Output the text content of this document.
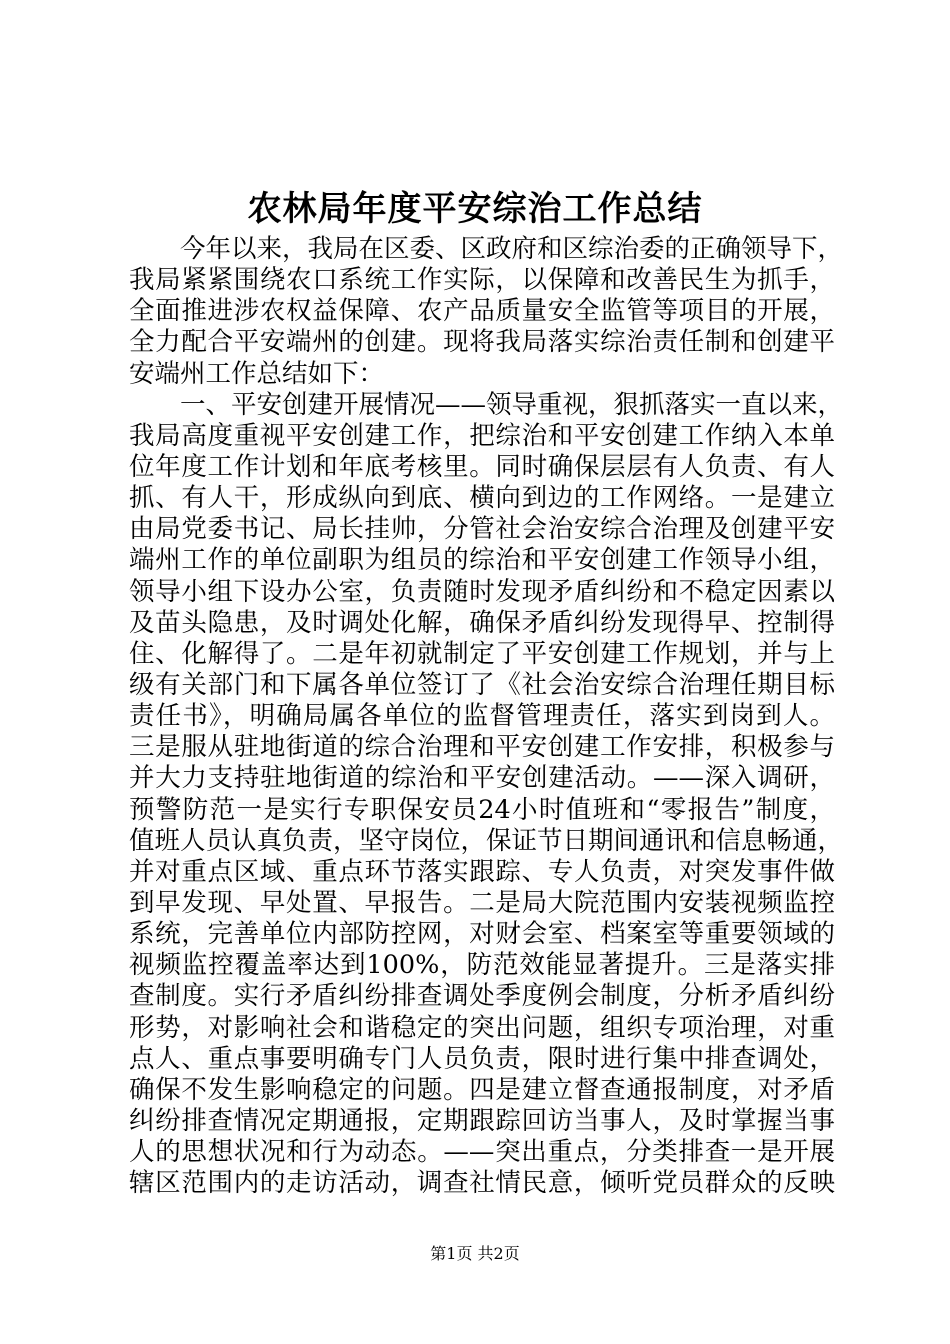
农林局年度平安综治工作总结
　　今年以来，我局在区委、区政府和区综治委的正确领导下，
我局紧紧围绕农口系统工作实际，以保障和改善民生为抓手，
全面推进涉农权益保障、农产品质量安全监管等项目的开展，
全力配合平安端州的创建。现将我局落实综治责任制和创建平
安端州工作总结如下：
　　一、平安创建开展情况——领导重视，狠抓落实一直以来，
我局高度重视平安创建工作，把综治和平安创建工作纳入本单
位年度工作计划和年底考核里。同时确保层层有人负责、有人
抓、有人干，形成纵向到底、横向到边的工作网络。一是建立
由局党委书记、局长挂帅，分管社会治安综合治理及创建平安
端州工作的单位副职为组员的综治和平安创建工作领导小组，
领导小组下设办公室，负责随时发现矛盾纠纷和不稳定因素以
及苗头隐患，及时调处化解，确保矛盾纠纷发现得早、控制得
住、化解得了。二是年初就制定了平安创建工作规划，并与上
级有关部门和下属各单位签订了《社会治安综合治理任期目标
责任书》，明确局属各单位的监督管理责任，落实到岗到人。
三是服从驻地街道的综合治理和平安创建工作安排，积极参与
并大力支持驻地街道的综治和平安创建活动。——深入调研，
预警防范一是实行专职保安员24小时值班和“零报告”制度，
值班人员认真负责，坚守岗位，保证节日期间通讯和信息畅通，
并对重点区域、重点环节落实跟踪、专人负责，对突发事件做
到早发现、早处置、早报告。二是局大院范围内安装视频监控
系统，完善单位内部防控网，对财会室、档案室等重要领域的
视频监控覆盖率达到100%，防范效能显著提升。三是落实排
查制度。实行矛盾纠纷排查调处季度例会制度，分析矛盾纠纷
形势，对影响社会和谐稳定的突出问题，组织专项治理，对重
点人、重点事要明确专门人员负责，限时进行集中排查调处，
确保不发生影响稳定的问题。四是建立督查通报制度，对矛盾
纠纷排查情况定期通报，定期跟踪回访当事人，及时掌握当事
人的思想状况和行为动态。——突出重点，分类排查一是开展
辖区范围内的走访活动，调查社情民意，倾听党员群众的反映
第1页 共2页
